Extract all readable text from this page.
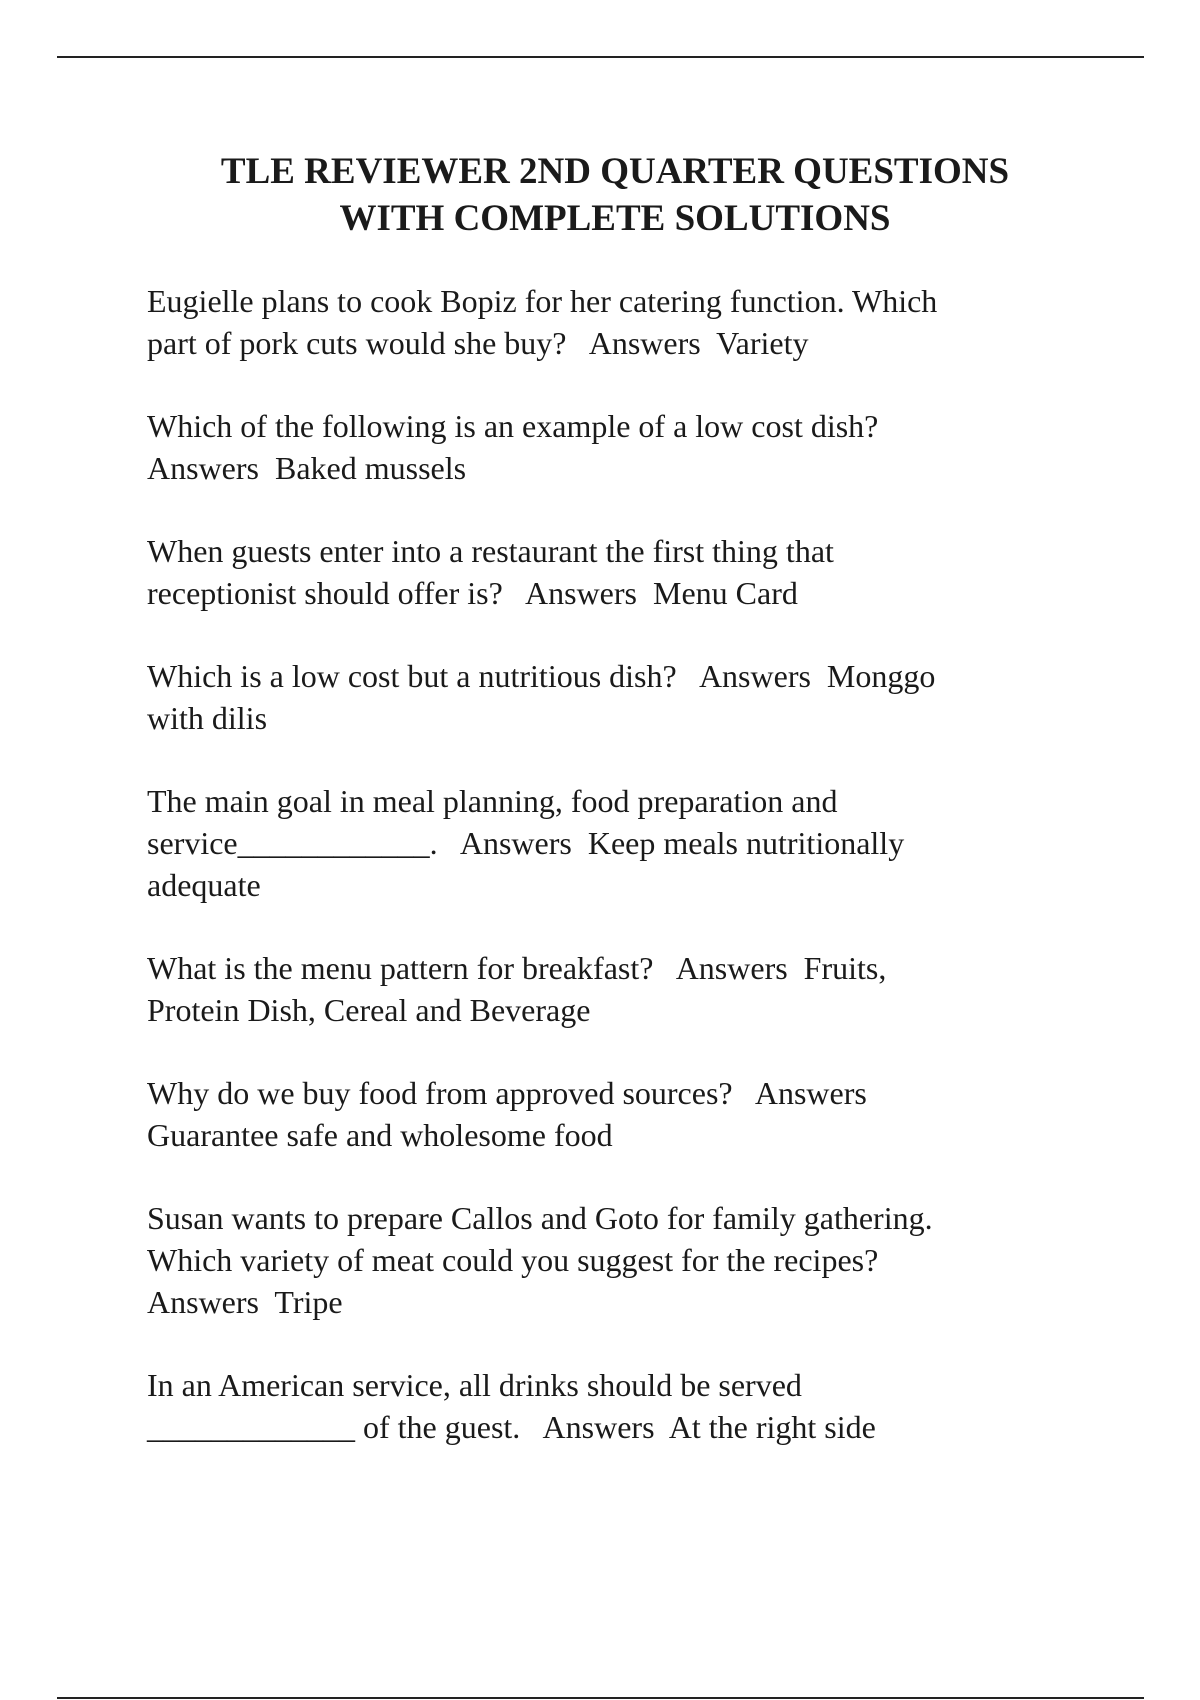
TLE REVIEWER 2ND QUARTER QUESTIONS
WITH COMPLETE SOLUTIONS

Eugielle plans to cook Bopiz for her catering function. Which
part of pork cuts would she buy? Answers Variety

Which of the following is an example of a low cost dish?
Answers Baked mussels

When guests enter into a restaurant the first thing that
receptionist should offer is? Answers Menu Card

Which is a low cost but a nutritious dish? Answers Monggo
with dilis

The main goal in meal planning, food preparation and
service____________. Answers Keep meals nutritionally
adequate

What is the menu pattern for breakfast? Answers Fruits,
Protein Dish, Cereal and Beverage

Why do we buy food from approved sources? Answers
Guarantee safe and wholesome food

Susan wants to prepare Callos and Goto for family gathering.
Which variety of meat could you suggest for the recipes?
Answers Tripe

In an American service, all drinks should be served
_____________ of the guest. Answers At the right side
